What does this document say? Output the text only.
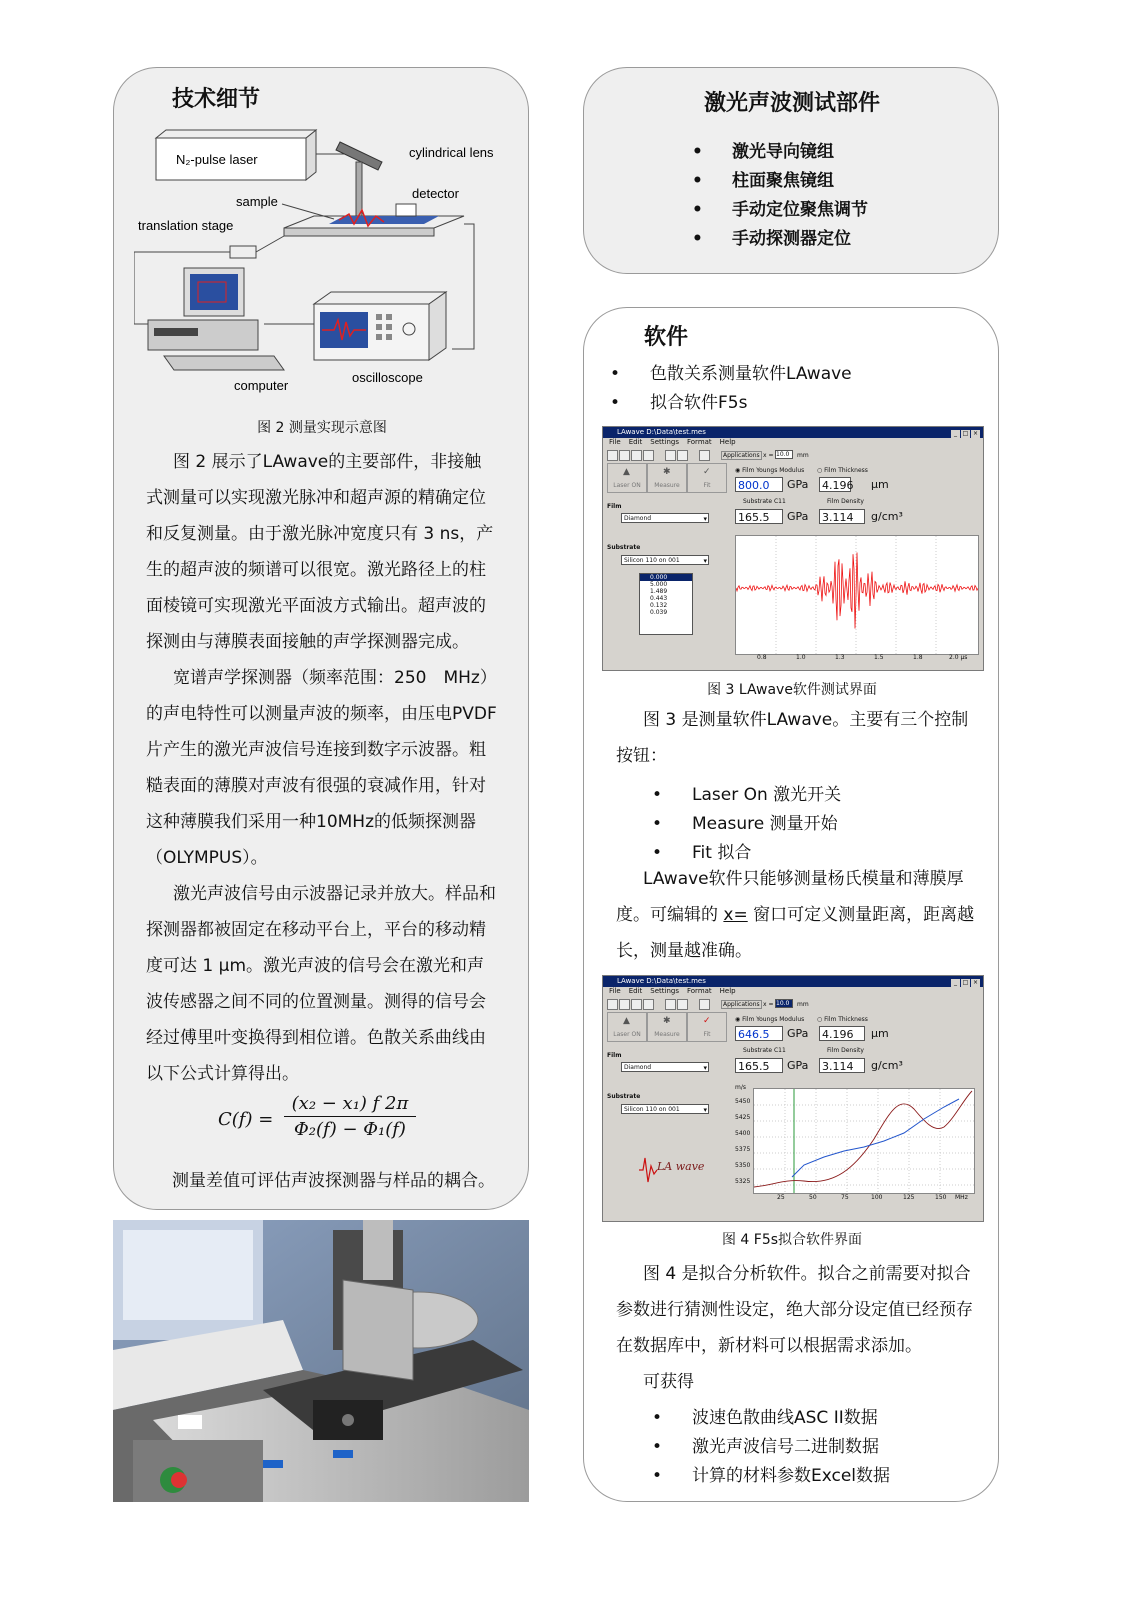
技术细节
N₂-pulse laser	cylindrical lens
detector
sample
translation stage
computer
oscilloscope
图 2 测量实现示意图
图 2 展示了LAwave的主要部件，非接触式测量可以实现激光脉冲和超声源的精确定位和反复测量。由于激光脉冲宽度只有 3 ns，产生的超声波的频谱可以很宽。激光路径上的柱面棱镜可实现激光平面波方式输出。超声波的探测由与薄膜表面接触的声学探测器完成。
宽谱声学探测器（频率范围：250　MHz）的声电特性可以测量声波的频率，由压电PVDF片产生的激光声波信号连接到数字示波器。粗糙表面的薄膜对声波有很强的衰减作用，针对这种薄膜我们采用一种10MHz的低频探测器（OLYMPUS）。
激光声波信号由示波器记录并放大。样品和探测器都被固定在移动平台上，平台的移动精度可达 1 µm。激光声波的信号会在激光和声波传感器之间不同的位置测量。测得的信号会经过傅里叶变换得到相位谱。色散关系曲线由以下公式计算得出。
$C(f) = \frac{\text{(x₂ − x₁) f 2π}}{\text{Φ₂(f) − Φ₁(f)}}$
测量差值可评估声波探测器与样品的耦合。
激光声波测试部件
• 激光导向镜组
• 柱面聚焦镜组
• 手动定位聚焦调节
• 手动探测器定位
软件
• 色散关系测量软件LAwave
• 拟合软件F5s
LAwave D:\Data\test.mes	_ □ ×
File Edit Settings Format Help
Applications x = 10.0	mm
◉ Film Youngs Modulus ○ Film Thickness
Laser ON	Measure	Fit
▲	✱	✓
800.0	GPa 4.196 µm
Film
Diamond ▾
Substrate C11	Film Density
165.5	GPa 3.114	g/cm³
Substrate
Silicon 110 on 001 ▾
0.000
5.000
1.489
0.443
0.132
0.039
0.8	1.0	1.3	1.5	1.8	2.0 µs
图 3 LAwave软件测试界面
图 3 是测量软件LAwave。主要有三个控制按钮：
• Laser On 激光开关
• Measure 测量开始
• Fit 拟合
LAwave软件只能够测量杨氏模量和薄膜厚度。可编辑的 x= 窗口可定义测量距离，距离越长，测量越准确。
LAwave D:\Data\test.mes	_ □ ×
File Edit Settings Format Help
Applications x = 10.0	mm
◉ Film Youngs Modulus ○ Film Thickness
Laser ON	Measure	Fit
▲	✱	✓
646.5	GPa 4.196	µm
Film
Diamond ▾
Substrate C11	Film Density
165.5	GPa 3.114	g/cm³
Substrate
Silicon 110 on 001 ▾
LA wave
m/s
5450
5425
5400
5375
5350
5325
25	50	75	100	125	150 MHz
图 4 F5s拟合软件界面
图 4 是拟合分析软件。拟合之前需要对拟合参数进行猜测性设定，绝大部分设定值已经预存在数据库中，新材料可以根据需求添加。
可获得
• 波速色散曲线ASC II数据
• 激光声波信号二进制数据
• 计算的材料参数Excel数据
